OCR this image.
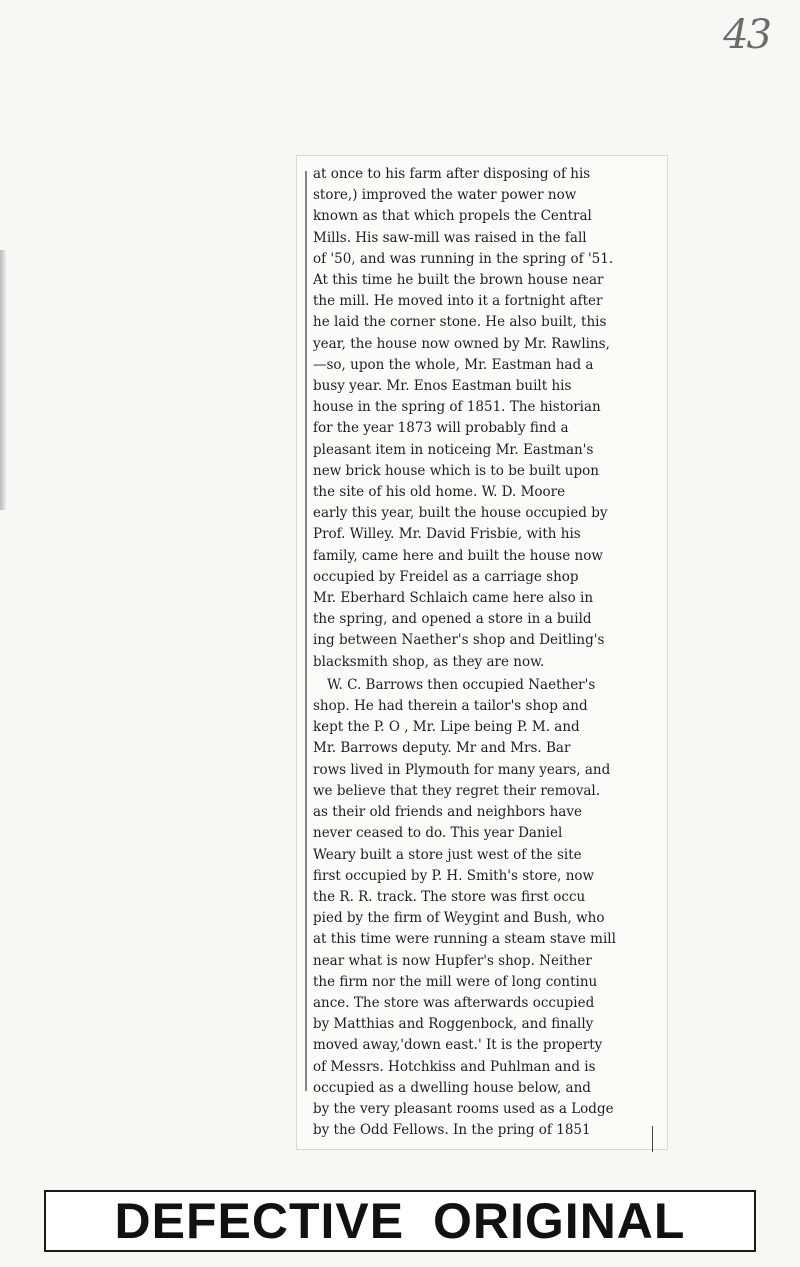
43

at once to his farm after disposing of his
store,) improved the water power now
known as that which propels the Central
Mills. His saw-mill was raised in the fall
of '50, and was running in the spring of '51.
At this time he built the brown house near
the mill. He moved into it a fortnight after
he laid the corner stone. He also built, this
year, the house now owned by Mr. Rawlins,
—so, upon the whole, Mr. Eastman had a
busy year. Mr. Enos Eastman built his
house in the spring of 1851. The historian
for the year 1873 will probably find a
pleasant item in noticeing Mr. Eastman's
new brick house which is to be built upon
the site of his old home. W. D. Moore
early this year, built the house occupied by
Prof. Willey. Mr. David Frisbie, with his
family, came here and built the house now
occupied by Freidel as a carriage shop
Mr. Eberhard Schlaich came here also in
the spring, and opened a store in a build
ing between Naether's shop and Deitling's
blacksmith shop, as they are now.

W. C. Barrows then occupied Naether's
shop. He had therein a tailor's shop and
kept the P. O , Mr. Lipe being P. M. and
Mr. Barrows deputy. Mr and Mrs. Bar
rows lived in Plymouth for many years, and
we believe that they regret their removal.
as their old friends and neighbors have
never ceased to do. This year Daniel
Weary built a store just west of the site
first occupied by P. H. Smith's store, now
the R. R. track. The store was first occu
pied by the firm of Weygint and Bush, who
at this time were running a steam stave mill
near what is now Hupfer's shop. Neither
the firm nor the mill were of long continu
ance. The store was afterwards occupied
by Matthias and Roggenbock, and finally
moved away,'down east.' It is the property
of Messrs. Hotchkiss and Puhlman and is
occupied as a dwelling house below, and
by the very pleasant rooms used as a Lodge
by the Odd Fellows. In the pring of 1851

DEFECTIVE ORIGINAL
